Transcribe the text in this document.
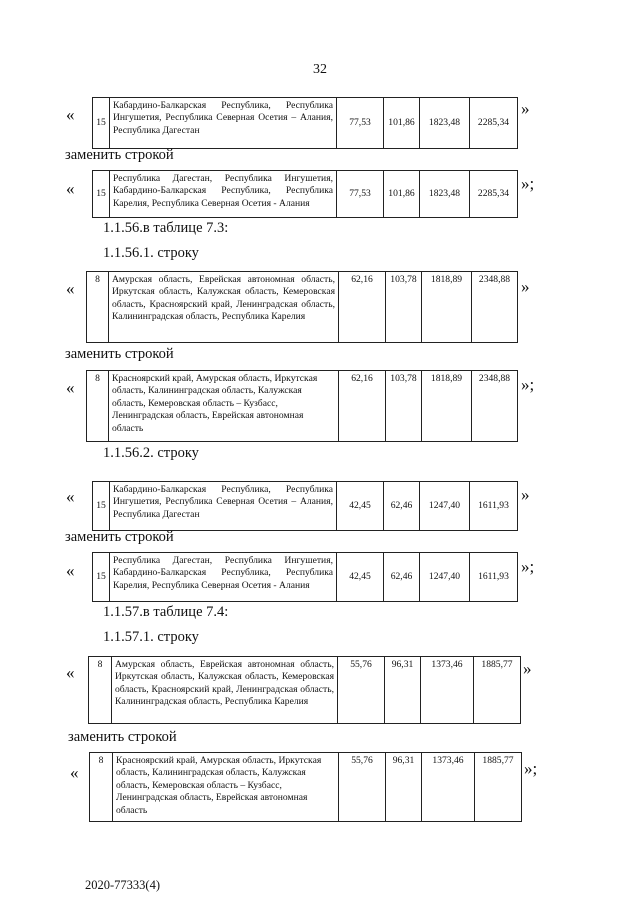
32
« 15	Кабардино-Балкарская Республика, Республика Ингушетия, Республика Северная Осетия – Алания, Республика Дагестан	77,53	101,86	1823,48	2285,34
»
заменить строкой
« 15	Республика Дагестан, Республика Ингушетия, Кабардино-Балкарская Республика, Республика Карелия, Республика Северная Осетия - Алания	77,53	101,86	1823,48	2285,34
»;
1.1.56.в таблице 7.3:
1.1.56.1. строку
« 8	Амурская область, Еврейская автономная область, Иркутская область, Калужская область, Кемеровская область, Красноярский край, Ленинградская область, Калининградская область, Республика Карелия	62,16	103,78	1818,89	2348,88 »
заменить строкой
« 8	Красноярский край, Амурская область, Иркутская область, Калининградская область, Калужская область, Кемеровская область – Кузбасс, Ленинградская область, Еврейская автономная область	62,16	103,78	1818,89	2348,88 »;
1.1.56.2. строку
« 15	Кабардино-Балкарская Республика, Республика Ингушетия, Республика Северная Осетия – Алания, Республика Дагестан	42,45	62,46	1247,40	1611,93
»
заменить строкой
« 15	Республика Дагестан, Республика Ингушетия, Кабардино-Балкарская Республика, Республика Карелия, Республика Северная Осетия - Алания	42,45	62,46	1247,40	1611,93
»;
1.1.57.в таблице 7.4:
1.1.57.1. строку
« 8	Амурская область, Еврейская автономная область, Иркутская область, Калужская область, Кемеровская область, Красноярский край, Ленинградская область, Калининградская область, Республика Карелия	55,76	96,31	1373,46	1885,77 »
заменить строкой
«
8	Красноярский край, Амурская область, Иркутская область, Калининградская область, Калужская область, Кемеровская область – Кузбасс, Ленинградская область, Еврейская автономная область	55,76	96,31	1373,46	1885,77 »;
2020-77333(4)
